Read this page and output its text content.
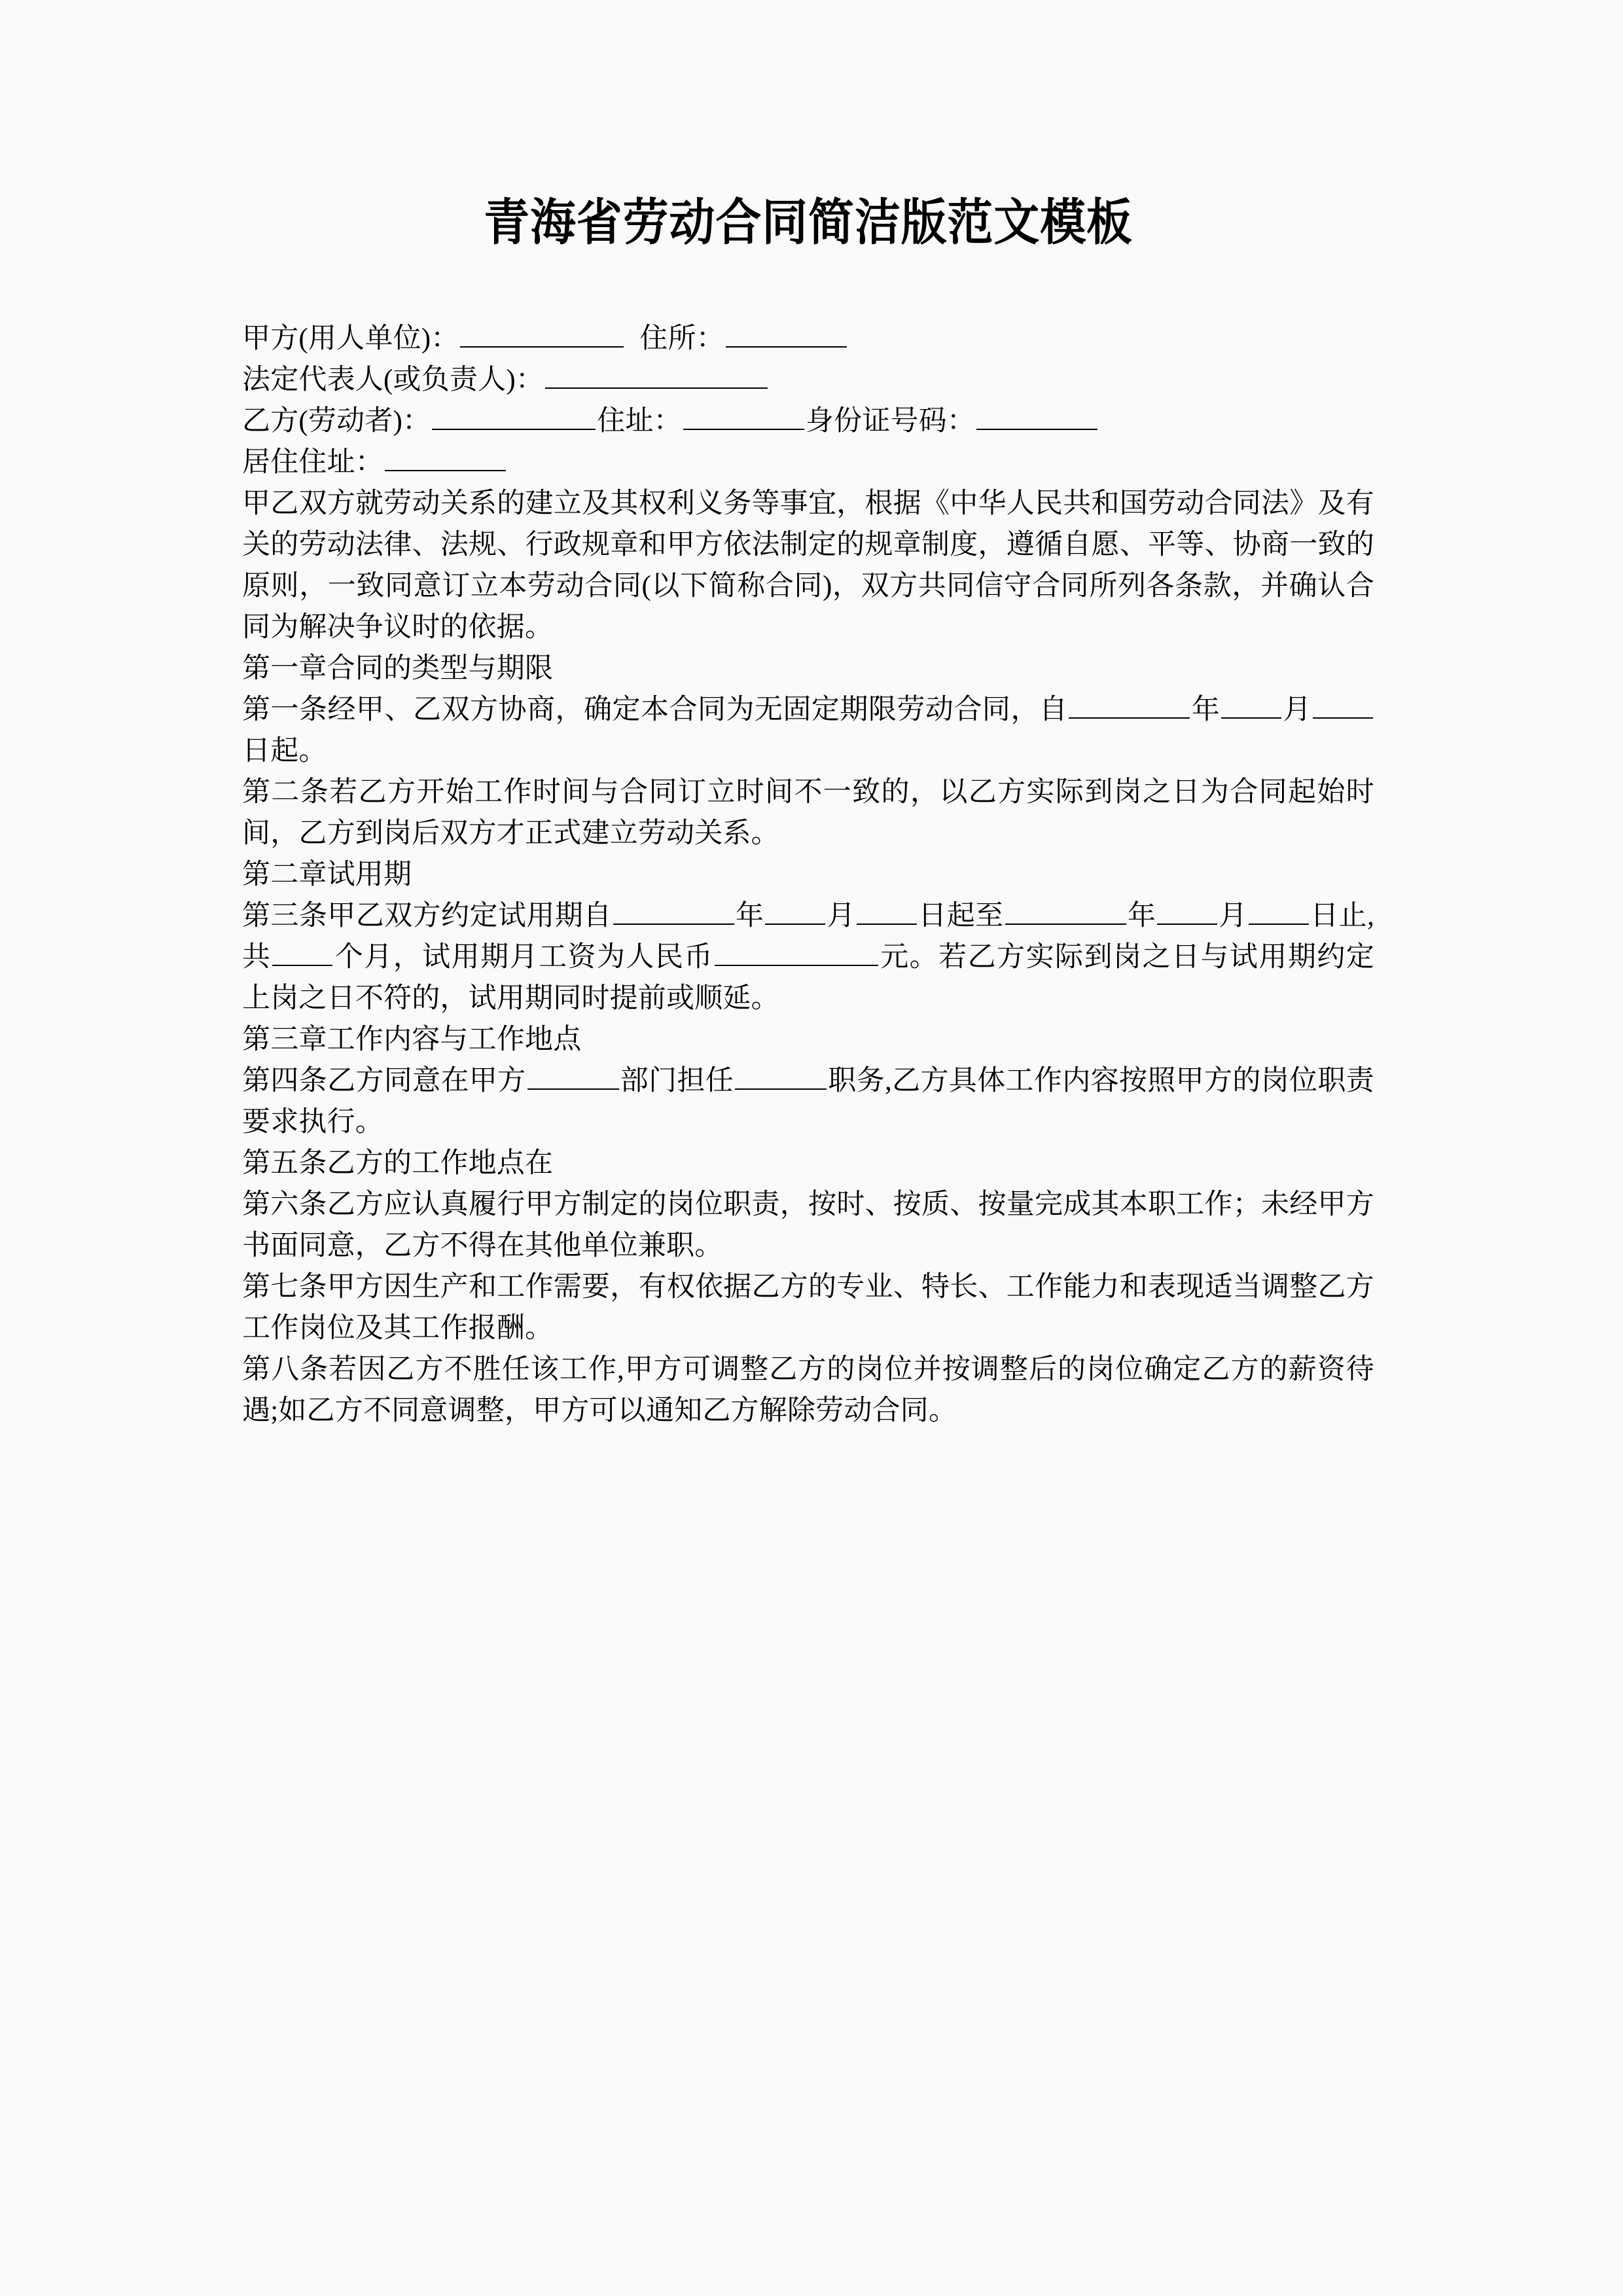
青海省劳动合同简洁版范文模板
甲方(用人单位)：	住所：
法定代表人(或负责人)：
乙方(劳动者)：	住址：	身份证号码：
居住住址：
甲乙双方就劳动关系的建立及其权利义务等事宜，根据《中华人民共和国劳动合同法》及有关的劳动法律、法规、行政规章和甲方依法制定的规章制度，遵循自愿、平等、协商一致的原则，一致同意订立本劳动合同(以下简称合同)，双方共同信守合同所列各条款，并确认合同为解决争议时的依据。
第一章合同的类型与期限
第一条经甲、乙双方协商，确定本合同为无固定期限劳动合同，自	年 月日起。
第二条若乙方开始工作时间与合同订立时间不一致的，以乙方实际到岗之日为合同起始时间，乙方到岗后双方才正式建立劳动关系。
第二章试用期
第三条甲乙双方约定试用期自	年 月 日起至	年 月 日止,共 个月，试用期月工资为人民币	元。若乙方实际到岗之日与试用期约定上岗之日不符的，试用期同时提前或顺延。
第三章工作内容与工作地点
第四条乙方同意在甲方	部门担任	职务,乙方具体工作内容按照甲方的岗位职责要求执行。
第五条乙方的工作地点在
第六条乙方应认真履行甲方制定的岗位职责，按时、按质、按量完成其本职工作；未经甲方书面同意，乙方不得在其他单位兼职。
第七条甲方因生产和工作需要，有权依据乙方的专业、特长、工作能力和表现适当调整乙方工作岗位及其工作报酬。
第八条若因乙方不胜任该工作,甲方可调整乙方的岗位并按调整后的岗位确定乙方的薪资待遇;如乙方不同意调整，甲方可以通知乙方解除劳动合同。
